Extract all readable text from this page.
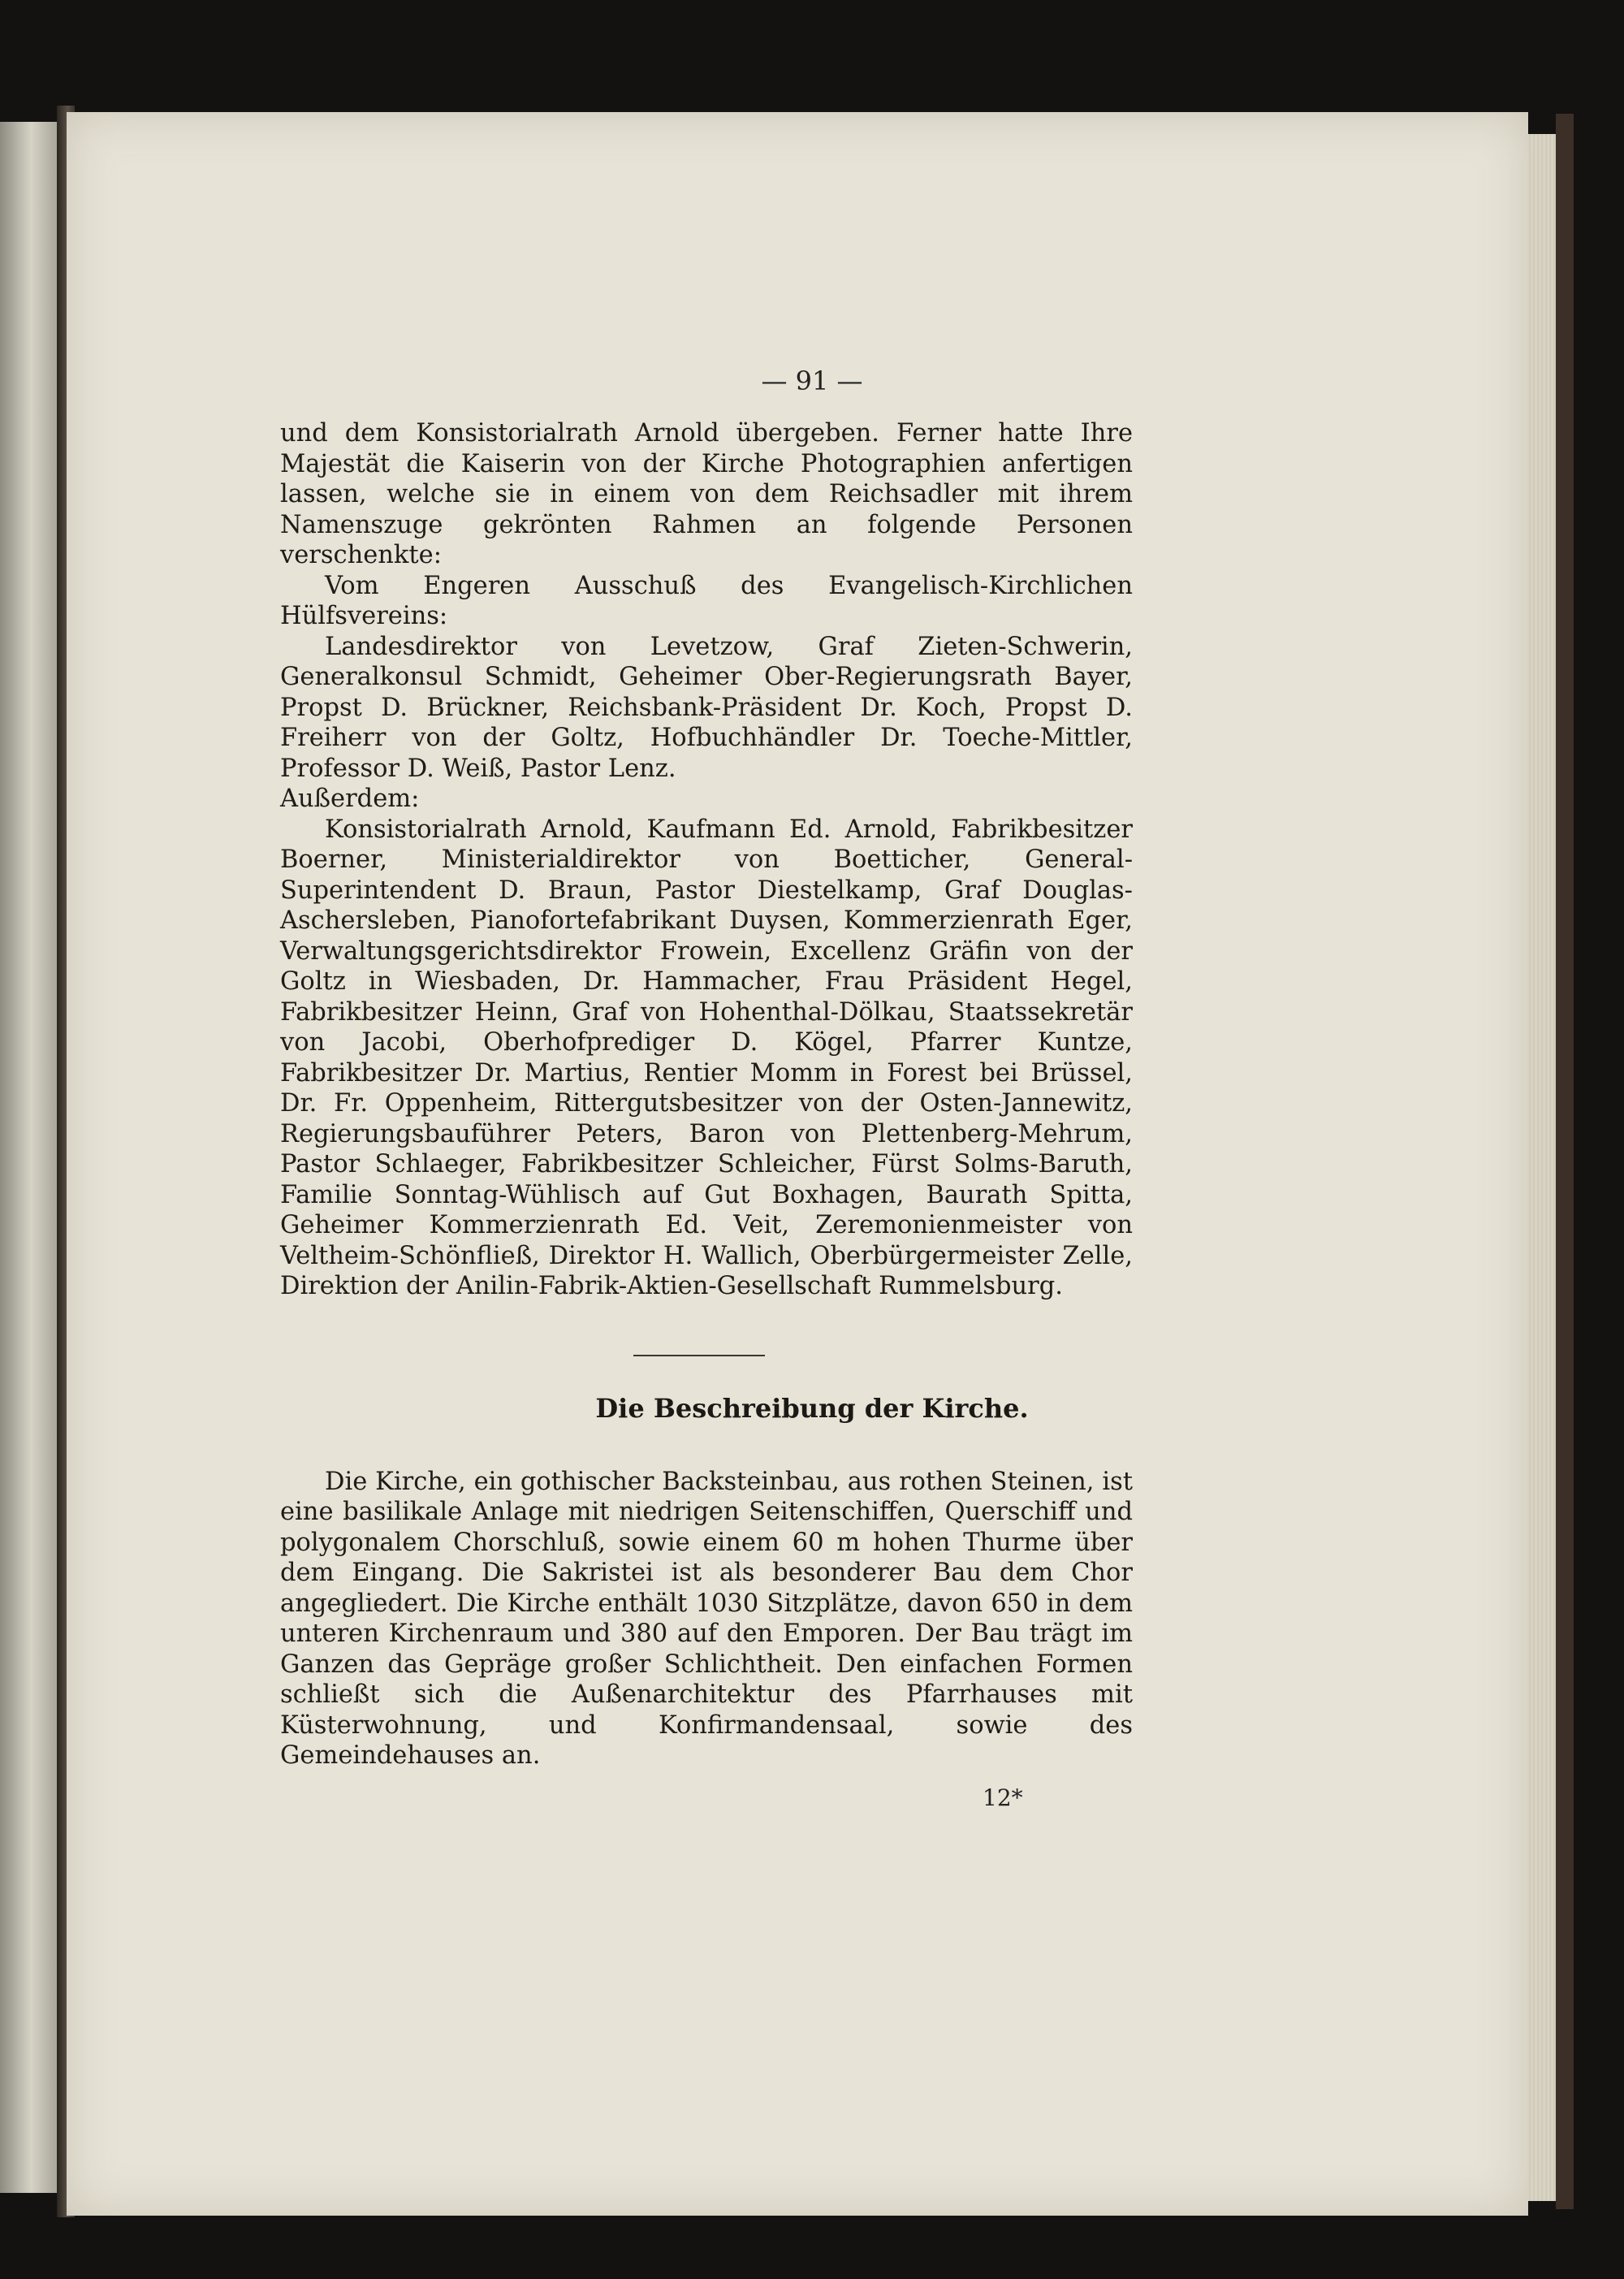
— 91 —

und dem Konsistorialrath Arnold übergeben. Ferner hatte Ihre Majestät die Kaiserin von der Kirche Photographien anfertigen lassen, welche sie in einem von dem Reichsadler mit ihrem Namenszuge gekrönten Rahmen an folgende Personen verschenkte:

Vom Engeren Ausschuß des Evangelisch-Kirchlichen Hülfsvereins:

Landesdirektor von Levetzow, Graf Zieten-Schwerin, Generalkonsul Schmidt, Geheimer Ober-Regierungsrath Bayer, Propst D. Brückner, Reichsbank-Präsident Dr. Koch, Propst D. Freiherr von der Goltz, Hofbuchhändler Dr. Toeche-Mittler, Professor D. Weiß, Pastor Lenz.

Außerdem:

Konsistorialrath Arnold, Kaufmann Ed. Arnold, Fabrikbesitzer Boerner, Ministerialdirektor von Boetticher, General-Superintendent D. Braun, Pastor Diestelkamp, Graf Douglas-Aschersleben, Pianofortefabrikant Duysen, Kommerzienrath Eger, Verwaltungsgerichtsdirektor Frowein, Excellenz Gräfin von der Goltz in Wiesbaden, Dr. Hammacher, Frau Präsident Hegel, Fabrikbesitzer Heinn, Graf von Hohenthal-Dölkau, Staatssekretär von Jacobi, Oberhofprediger D. Kögel, Pfarrer Kuntze, Fabrikbesitzer Dr. Martius, Rentier Momm in Forest bei Brüssel, Dr. Fr. Oppenheim, Rittergutsbesitzer von der Osten-Jannewitz, Regierungsbauführer Peters, Baron von Plettenberg-Mehrum, Pastor Schlaeger, Fabrikbesitzer Schleicher, Fürst Solms-Baruth, Familie Sonntag-Wühlisch auf Gut Boxhagen, Baurath Spitta, Geheimer Kommerzienrath Ed. Veit, Zeremonienmeister von Veltheim-Schönfließ, Direktor H. Wallich, Oberbürgermeister Zelle, Direktion der Anilin-Fabrik-Aktien-Gesellschaft Rummelsburg.

Die Beschreibung der Kirche.

Die Kirche, ein gothischer Backsteinbau, aus rothen Steinen, ist eine basilikale Anlage mit niedrigen Seitenschiffen, Querschiff und polygonalem Chorschluß, sowie einem 60 m hohen Thurme über dem Eingang. Die Sakristei ist als besonderer Bau dem Chor angegliedert. Die Kirche enthält 1030 Sitzplätze, davon 650 in dem unteren Kirchenraum und 380 auf den Emporen. Der Bau trägt im Ganzen das Gepräge großer Schlichtheit. Den einfachen Formen schließt sich die Außenarchitektur des Pfarrhauses mit Küsterwohnung, und Konfirmandensaal, sowie des Gemeindehauses an.

12*
